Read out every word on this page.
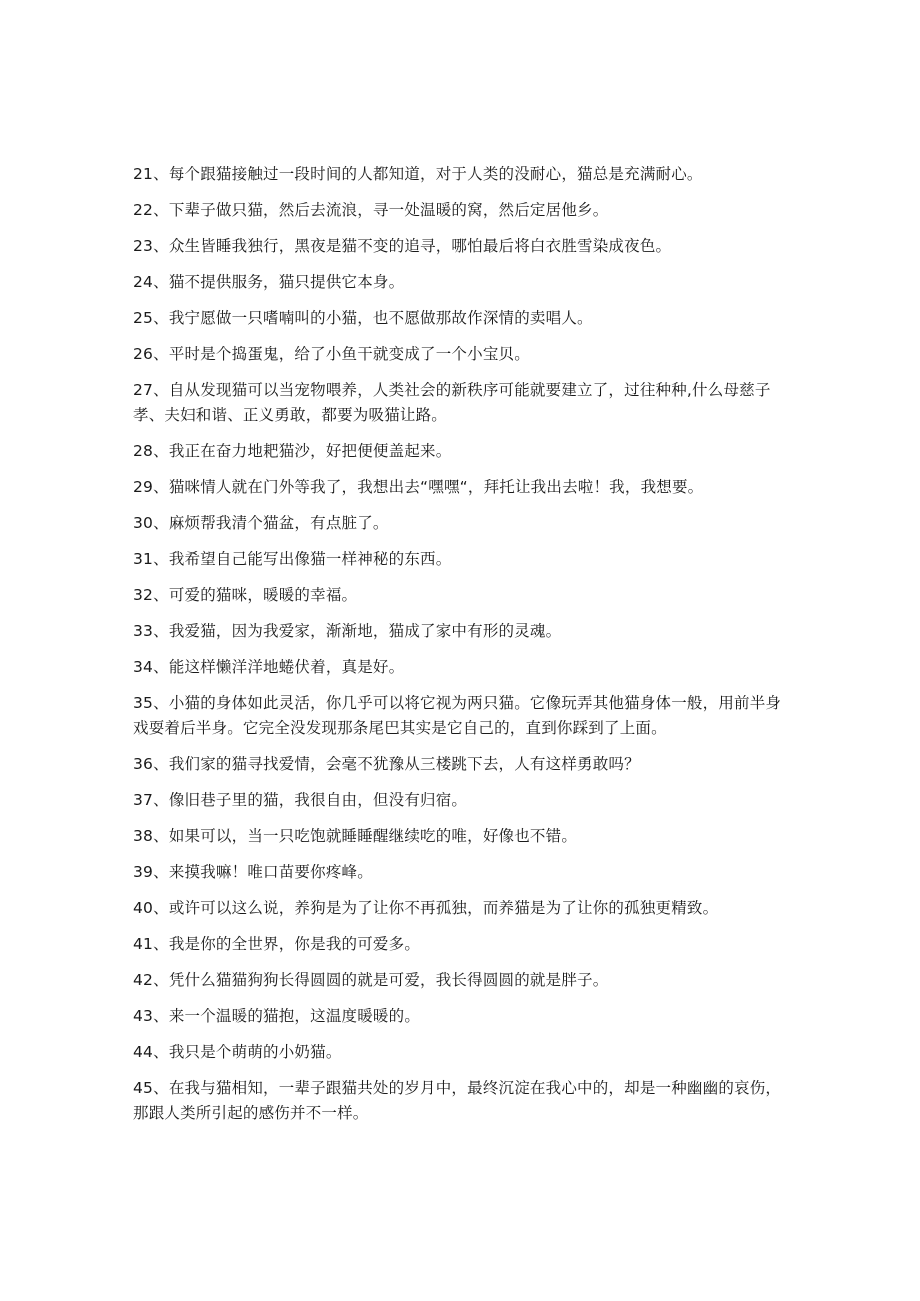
21、每个跟猫接触过一段时间的人都知道，对于人类的没耐心，猫总是充满耐心。

22、下辈子做只猫，然后去流浪，寻一处温暖的窝，然后定居他乡。

23、众生皆睡我独行，黑夜是猫不变的追寻，哪怕最后将白衣胜雪染成夜色。

24、猫不提供服务，猫只提供它本身。

25、我宁愿做一只嗜喃叫的小猫，也不愿做那故作深情的卖唱人。

26、平时是个捣蛋鬼，给了小鱼干就变成了一个小宝贝。

27、自从发现猫可以当宠物喂养，人类社会的新秩序可能就要建立了，过往种种,什么母慈子孝、夫妇和谐、正义勇敢，都要为吸猫让路。

28、我正在奋力地耙猫沙，好把便便盖起来。

29、猫咪情人就在门外等我了，我想出去“嘿嘿“，拜托让我出去啦！我，我想要。

30、麻烦帮我清个猫盆，有点脏了。

31、我希望自己能写出像猫一样神秘的东西。

32、可爱的猫咪，暖暖的幸福。

33、我爱猫，因为我爱家，渐渐地，猫成了家中有形的灵魂。

34、能这样懒洋洋地蜷伏着，真是好。

35、小猫的身体如此灵活，你几乎可以将它视为两只猫。它像玩弄其他猫身体一般，用前半身戏耍着后半身。它完全没发现那条尾巴其实是它自己的，直到你踩到了上面。

36、我们家的猫寻找爱情，会毫不犹豫从三楼跳下去，人有这样勇敢吗？

37、像旧巷子里的猫，我很自由，但没有归宿。

38、如果可以，当一只吃饱就睡睡醒继续吃的唯，好像也不错。

39、来摸我嘛！唯口苗要你疼峰。

40、或许可以这么说，养狗是为了让你不再孤独，而养猫是为了让你的孤独更精致。

41、我是你的全世界，你是我的可爱多。

42、凭什么猫猫狗狗长得圆圆的就是可爱，我长得圆圆的就是胖子。

43、来一个温暖的猫抱，这温度暖暖的。

44、我只是个萌萌的小奶猫。

45、在我与猫相知，一辈子跟猫共处的岁月中，最终沉淀在我心中的，却是一种幽幽的哀伤，那跟人类所引起的感伤并不一样。
